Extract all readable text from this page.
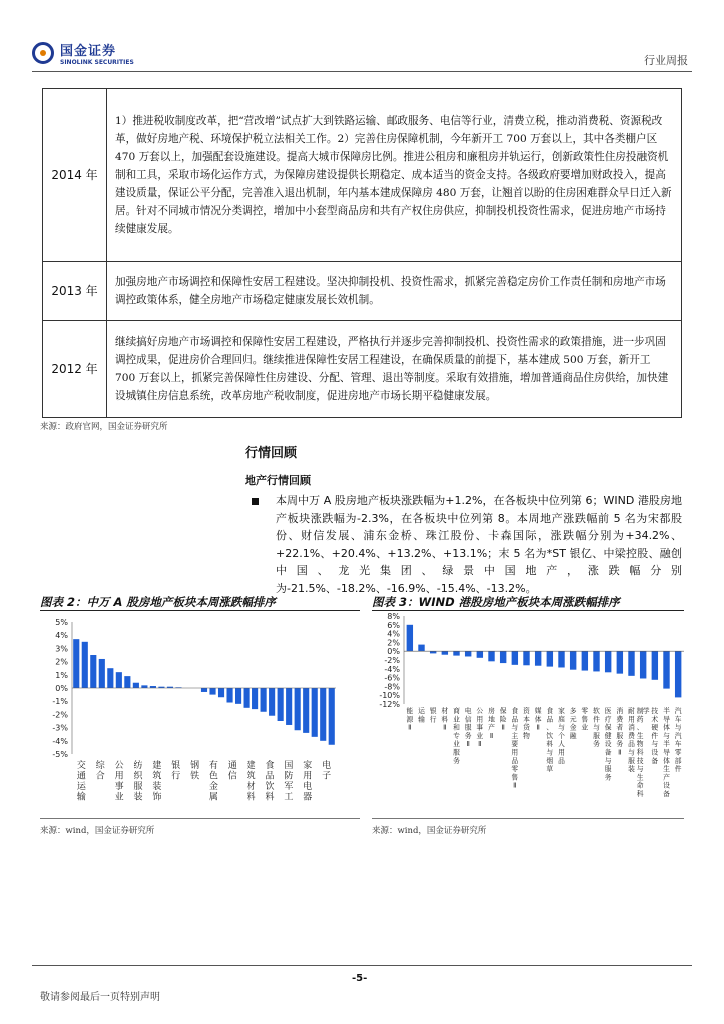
国金证券
SINOLINK SECURITIES	行业周报
2014 年	1）推进税收制度改革，把“营改增”试点扩大到铁路运输、邮政服务、电信等行业，清费立税，推动消费税、资源税改革，做好房地产税、环境保护税立法相关工作。2）完善住房保障机制，今年新开工 700 万套以上，其中各类棚户区 470 万套以上，加强配套设施建设。提高大城市保障房比例。推进公租房和廉租房并轨运行，创新政策性住房投融资机制和工具，采取市场化运作方式，为保障房建设提供长期稳定、成本适当的资金支持。各级政府要增加财政投入，提高建设质量，保证公平分配，完善准入退出机制，年内基本建成保障房 480 万套，让翘首以盼的住房困难群众早日迁入新居。针对不同城市情况分类调控，增加中小套型商品房和共有产权住房供应，抑制投机投资性需求，促进房地产市场持续健康发展。
2013 年	加强房地产市场调控和保障性安居工程建设。坚决抑制投机、投资性需求，抓紧完善稳定房价工作责任制和房地产市场调控政策体系，健全房地产市场稳定健康发展长效机制。
2012 年	继续搞好房地产市场调控和保障性安居工程建设，严格执行并逐步完善抑制投机、投资性需求的政策措施，进一步巩固调控成果，促进房价合理回归。继续推进保障性安居工程建设，在确保质量的前提下，基本建成 500 万套，新开工 700 万套以上，抓紧完善保障性住房建设、分配、管理、退出等制度。采取有效措施，增加普通商品住房供给，加快建设城镇住房信息系统，改革房地产税收制度，促进房地产市场长期平稳健康发展。
来源：政府官网，国金证券研究所
行情回顾
地产行情回顾
本周中万 A 股房地产板块涨跌幅为+1.2%，在各板块中位列第 6；WIND 港股房地产板块涨跌幅为-2.3%，在各板块中位列第 8。本周地产涨跌幅前 5 名为宋都股份、财信发展、浦东金桥、珠江股份、卡森国际，涨跌幅分别为+34.2%、+22.1%、+20.4%、+13.2%、+13.1%；末 5 名为*ST 银亿、中梁控股、融创中国、龙光集团、绿景中国地产，涨跌幅分别为-21.5%、-18.2%、-16.9%、-15.4%、-13.2%。
图表 2：中万 A 股房地产板块本周涨跌幅排序	图表 3：WIND 港股房地产板块本周涨跌幅排序
5%
4%
3%
2%
1%
0%
-1%
-2%
-3%
-4%
-5%
交
通
运
输
综
合
公
用
事
业
纺
织
服
装
建
筑
装
饰
银
行
钢
铁
有
色
金
属
通
信
建
筑
材
料
食
品
饮
料
国
防
军
工
家
用
电
器
电
子
8%
6%
4%
2%
0%
-2%
-4%
-6%
-8%
-10%
-12%
能
源
Ⅱ
运
输
银
行
材
料
Ⅱ
商
业
和
专
业
服
务
电
信
服
务
Ⅱ
公
用
事
业
Ⅱ
房
地
产
Ⅱ
保
险
Ⅱ
食
品
与
主
要
用
品
零
售
Ⅱ
资
本
货
物
媒
体
Ⅱ
食
品
、
饮
料
与
烟
草
家
庭
与
个
人
用
品
多
元
金
融
零
售
业
软
件
与
服
务
医
疗
保
健
设
备
与
服
务
消
费
者
服
务
Ⅱ
耐
用
消
费
品
与
服
装
制
药
、
生
物
科
技
与
生
命
科
学 技
术
硬
件
与
设
备
半
导
体
与
半
导
体
生
产
设
备
汽
车
与
汽
车
零
部
件
来源：wind，国金证券研究所	来源：wind，国金证券研究所
-5-
敬请参阅最后一页特别声明
